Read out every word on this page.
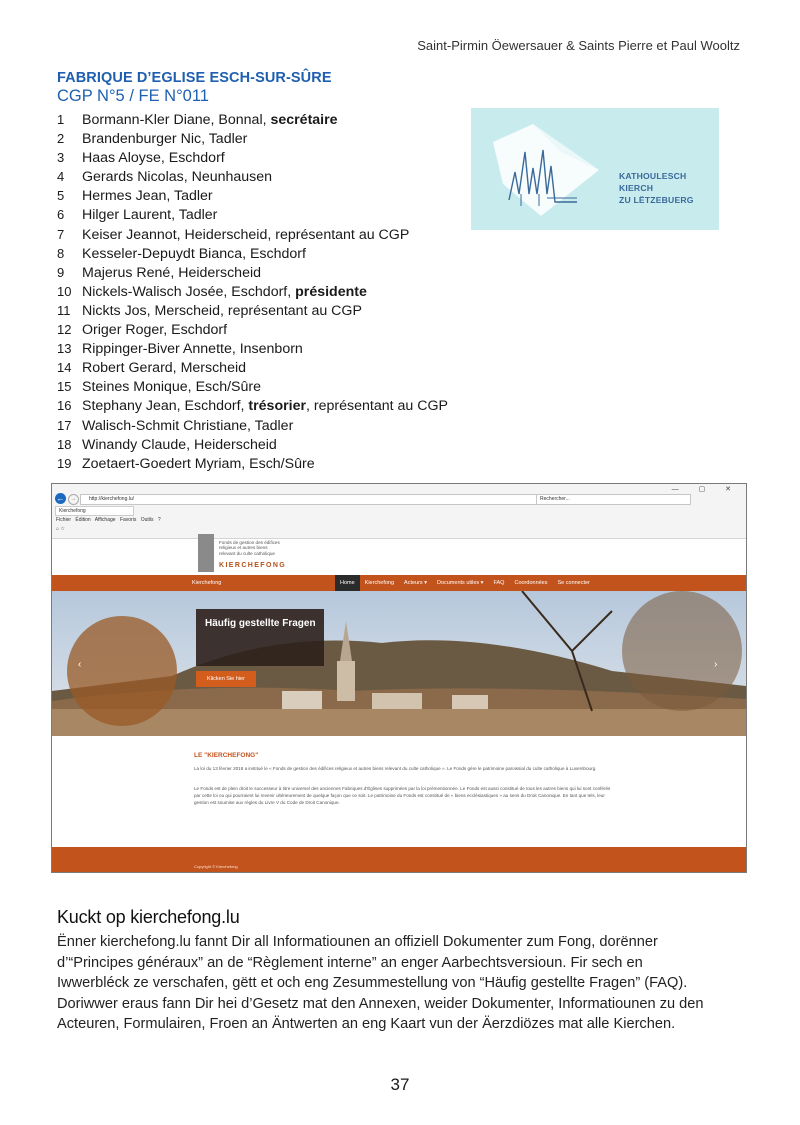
Saint-Pirmin Öewersauer & Saints Pierre et Paul Wooltz
FABRIQUE D’EGLISE ESCH-SUR-SÛRE
CGP N°5 / FE N°011
1 Bormann-Kler Diane, Bonnal, secrétaire
2 Brandenburger Nic, Tadler
3 Haas Aloyse, Eschdorf
4 Gerards Nicolas, Neunhausen
5 Hermes Jean, Tadler
6 Hilger Laurent, Tadler
7 Keiser Jeannot, Heiderscheid, représentant au CGP
8 Kesseler-Depuydt Bianca, Eschdorf
9 Majerus René, Heiderscheid
10 Nickels-Walisch Josée, Eschdorf, présidente
11 Nickts Jos, Merscheid, représentant au CGP
12 Origer Roger, Eschdorf
13 Rippinger-Biver Annette, Insenborn
14 Robert Gerard, Merscheid
15 Steines Monique, Esch/Sûre
16 Stephany Jean, Eschdorf, trésorier, représentant au CGP
17 Walisch-Schmit Christiane, Tadler
18 Winandy Claude, Heiderscheid
19 Zoetaert-Goedert Myriam, Esch/Sûre
KATHOULESCH KIERCH
ZU LËTZEBUERG
— ▢ ✕
←	→	http://kierchefong.lu/	Rechercher...
Kierchefong
Fichier Édition Affichage Favoris Outils ?
⌂ ☆
Fonds de gestion des édifices
religieux et autres biens
relevant du culte catholique
KIERCHEFONG
Kierchefong	Home	Kierchefong	Acteurs ▾	Documents utiles ▾	FAQ	Coordonnées	Se connecter
Häufig gestellte Fragen
Klicken Sie hier
‹	›
LE "KIERCHEFONG"

La loi du 13 février 2018 a institué le « Fonds de gestion des édifices religieux et autres biens relevant du culte catholique ». Le Fonds gère le patrimoine paroissial du culte catholique à Luxembourg.

Le Fonds est de plein droit le successeur à titre universel des anciennes Fabriques d'Églises supprimées par la loi prémentionnée. Le Fonds est aussi constitué de tous les autres biens qui lui sont conférés par cette loi ou qui pourraient lui revenir ultérieurement de quelque façon que ce soit. Le patrimoine du Fonds est constitué de « biens ecclésiastiques » au sens du Droit Canonique. En tant que tels, leur gestion est soumise aux règles du Livre V du Code de Droit Canonique.

Copyright © Kierchefong
Kuckt op kierchefong.lu
Ënner kierchefong.lu fannt Dir all Informatiounen an offiziell Dokumenter zum Fong, dorënner
d’“Principes généraux” an de “Règlement interne” an enger Aarbechtsversioun. Fir sech en
Iwwerbléck ze verschafen, gëtt et och eng Zesummestellung von “Häufig gestellte Fragen” (FAQ).
Doriwwer eraus fann Dir hei d’Gesetz mat den Annexen, weider Dokumenter, Informatiounen zu den
Acteuren, Formulairen, Froen an Äntwerten an eng Kaart vun der Äerzdiözes mat alle Kierchen.
37
